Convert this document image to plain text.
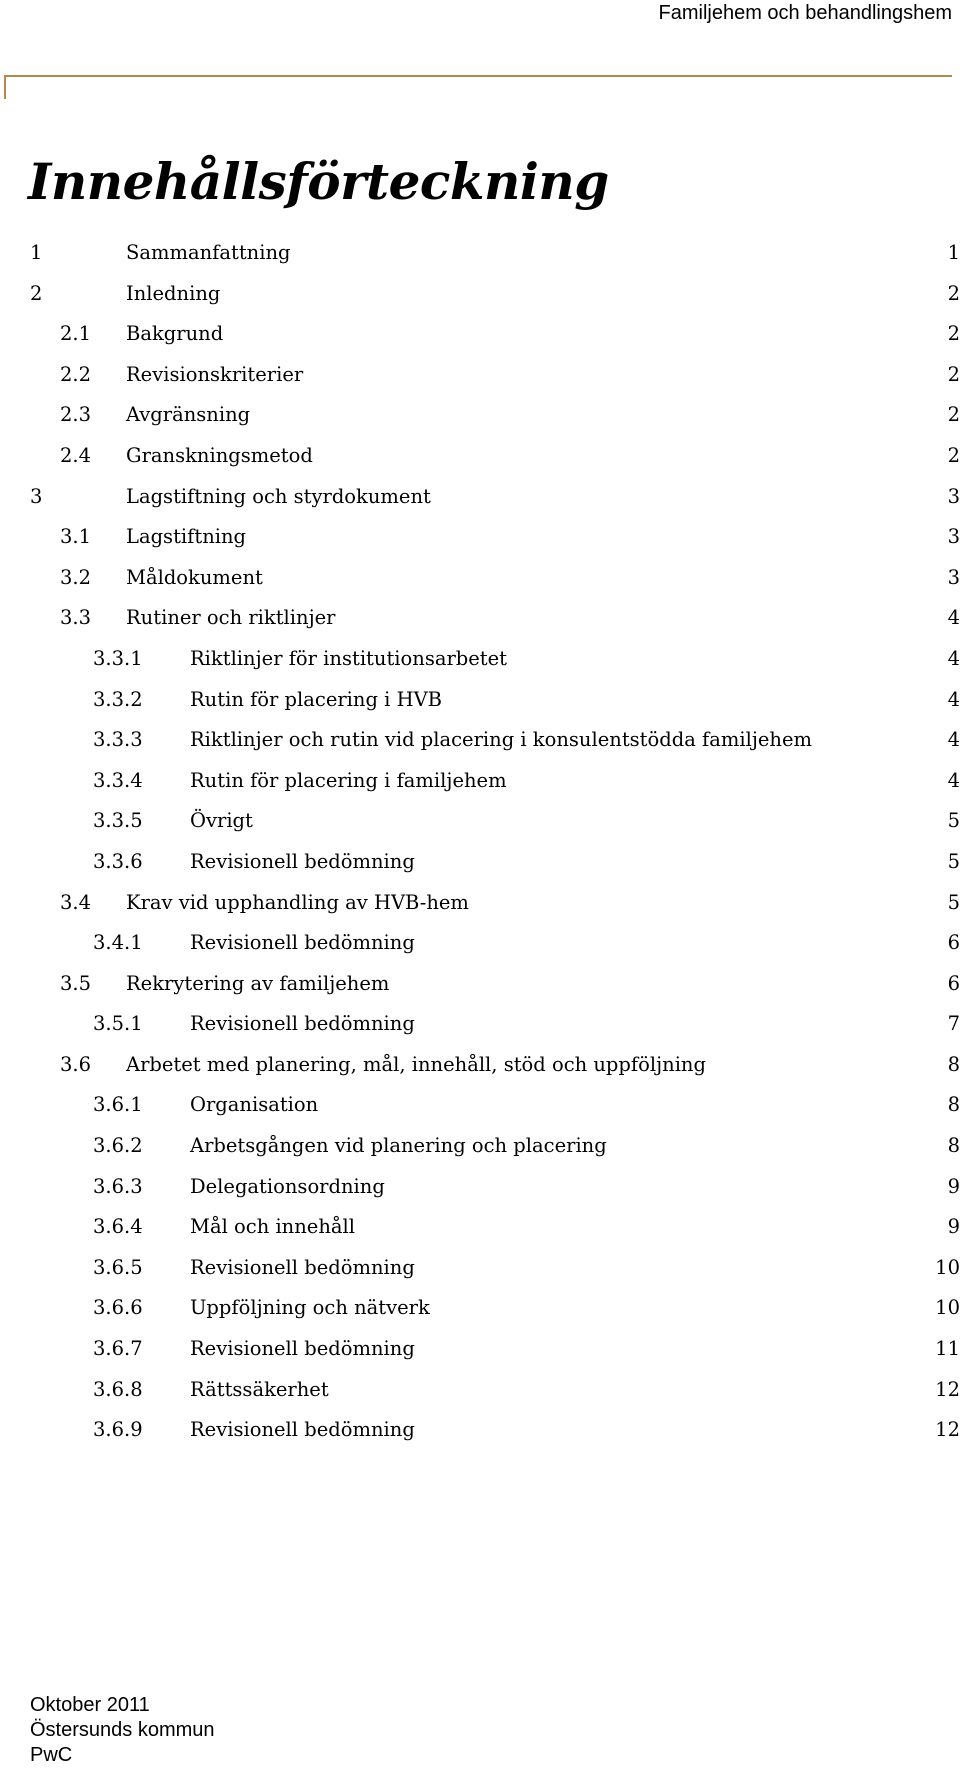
Familjehem och behandlingshem
Innehållsförteckning
1	Sammanfattning	1
2	Inledning	2
2.1 Bakgrund	2
2.2 Revisionskriterier	2
2.3 Avgränsning	2
2.4 Granskningsmetod	2
3	Lagstiftning och styrdokument	3
3.1 Lagstiftning	3
3.2 Måldokument	3
3.3 Rutiner och riktlinjer	4
3.3.1 Riktlinjer för institutionsarbetet	4
3.3.2 Rutin för placering i HVB	4
3.3.3 Riktlinjer och rutin vid placering i konsulentstödda familjehem	4
3.3.4 Rutin för placering i familjehem	4
3.3.5 Övrigt	5
3.3.6 Revisionell bedömning	5
3.4 Krav vid upphandling av HVB-hem	5
3.4.1 Revisionell bedömning	6
3.5 Rekrytering av familjehem	6
3.5.1 Revisionell bedömning	7
3.6 Arbetet med planering, mål, innehåll, stöd och uppföljning	8
3.6.1 Organisation	8
3.6.2 Arbetsgången vid planering och placering	8
3.6.3 Delegationsordning	9
3.6.4 Mål och innehåll	9
3.6.5 Revisionell bedömning	10
3.6.6 Uppföljning och nätverk	10
3.6.7 Revisionell bedömning	11
3.6.8 Rättssäkerhet	12
3.6.9 Revisionell bedömning	12
Oktober 2011
Östersunds kommun
PwC
